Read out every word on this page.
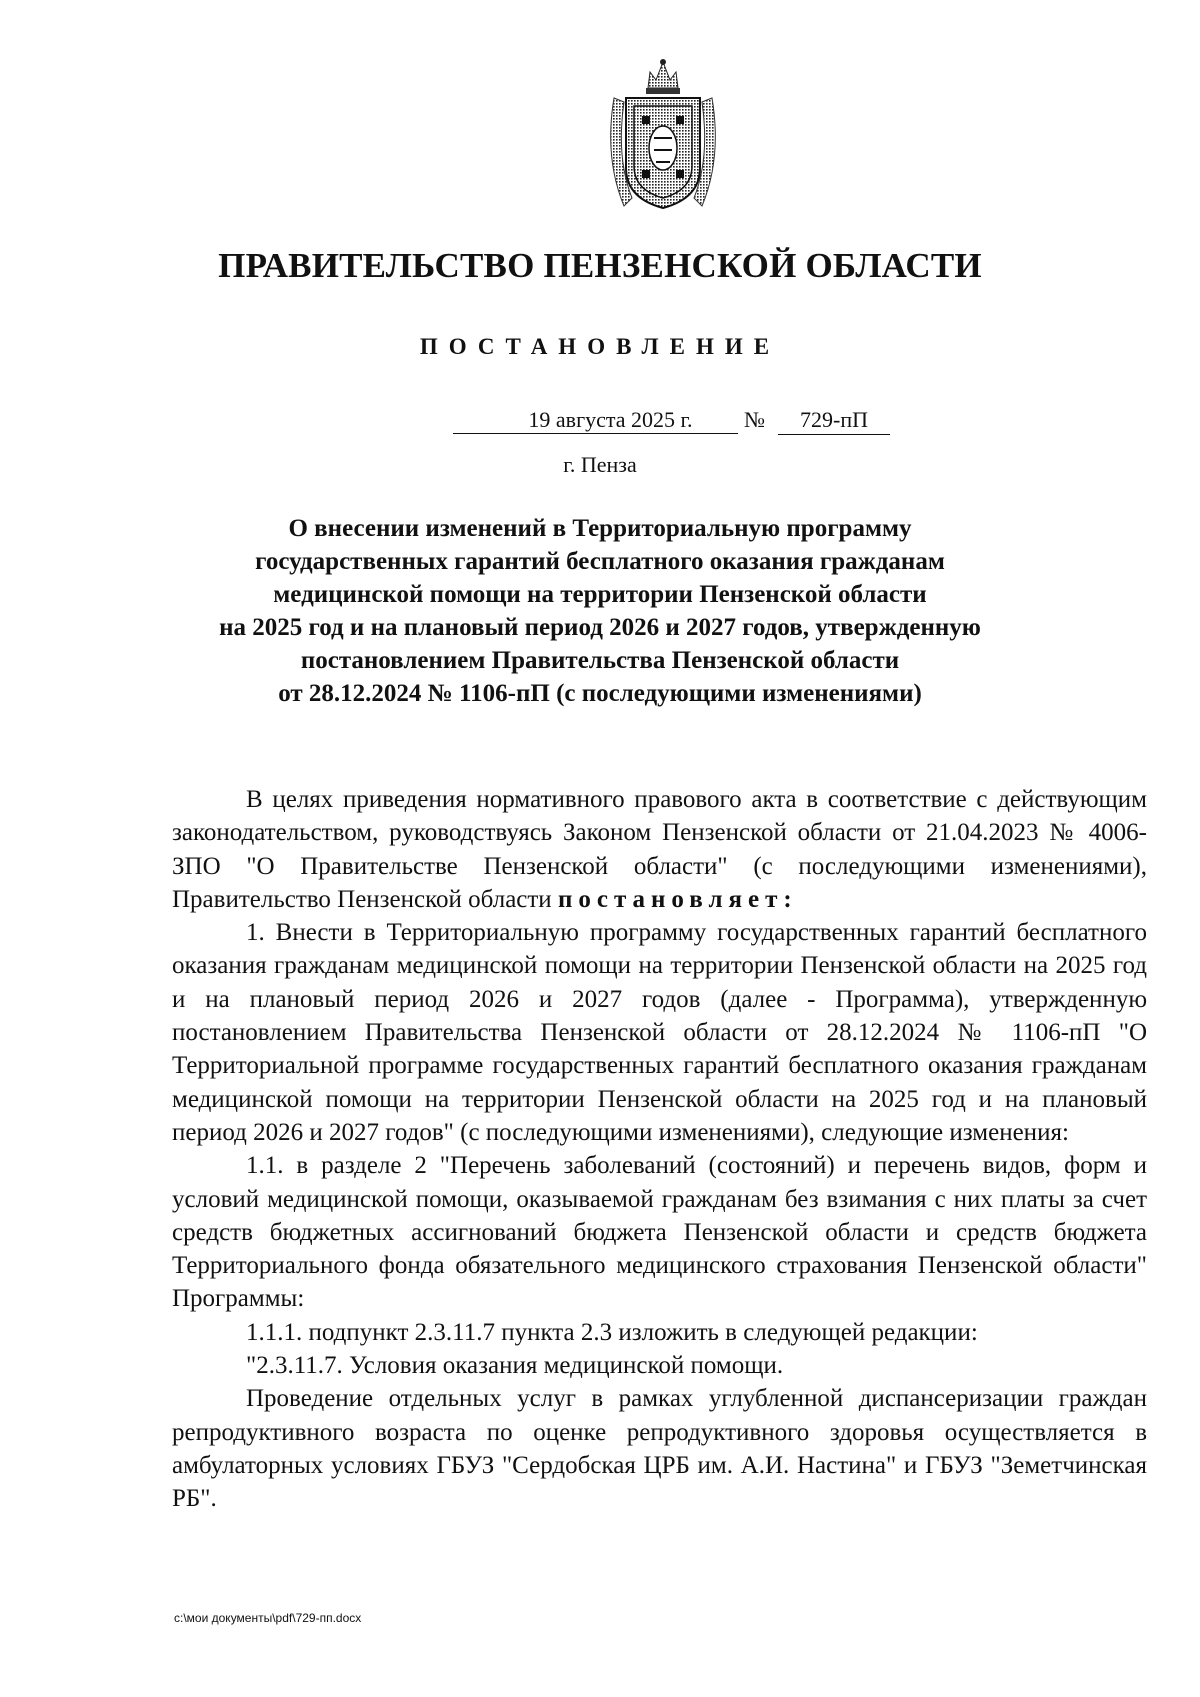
ПРАВИТЕЛЬСТВО ПЕНЗЕНСКОЙ ОБЛАСТИ
ПОСТАНОВЛЕНИЕ
19 августа 2025 г.	№	729-пП
г. Пенза
О внесении изменений в Территориальную программу
государственных гарантий бесплатного оказания гражданам
медицинской помощи на территории Пензенской области
на 2025 год и на плановый период 2026 и 2027 годов, утвержденную
постановлением Правительства Пензенской области
от 28.12.2024 № 1106-пП (с последующими изменениями)

В целях приведения нормативного правового акта в соответствие с действующим законодательством, руководствуясь Законом Пензенской области от 21.04.2023 № 4006-ЗПО "О Правительстве Пензенской области" (с последующими изменениями), Правительство Пензенской области постановляет:

1. Внести в Территориальную программу государственных гарантий бесплатного оказания гражданам медицинской помощи на территории Пензенской области на 2025 год и на плановый период 2026 и 2027 годов (далее - Программа), утвержденную постановлением Правительства Пензенской области от 28.12.2024 № 1106-пП "О Территориальной программе государственных гарантий бесплатного оказания гражданам медицинской помощи на территории Пензенской области на 2025 год и на плановый период 2026 и 2027 годов" (с последующими изменениями), следующие изменения:

1.1. в разделе 2 "Перечень заболеваний (состояний) и перечень видов, форм и условий медицинской помощи, оказываемой гражданам без взимания с них платы за счет средств бюджетных ассигнований бюджета Пензенской области и средств бюджета Территориального фонда обязательного медицинского страхования Пензенской области" Программы:

1.1.1. подпункт 2.3.11.7 пункта 2.3 изложить в следующей редакции:

"2.3.11.7. Условия оказания медицинской помощи.

Проведение отдельных услуг в рамках углубленной диспансеризации граждан репродуктивного возраста по оценке репродуктивного здоровья осуществляется в амбулаторных условиях ГБУЗ "Сердобская ЦРБ им. А.И. Настина" и ГБУЗ "Земетчинская РБ".

c:\мои документы\pdf\729-пп.docx
